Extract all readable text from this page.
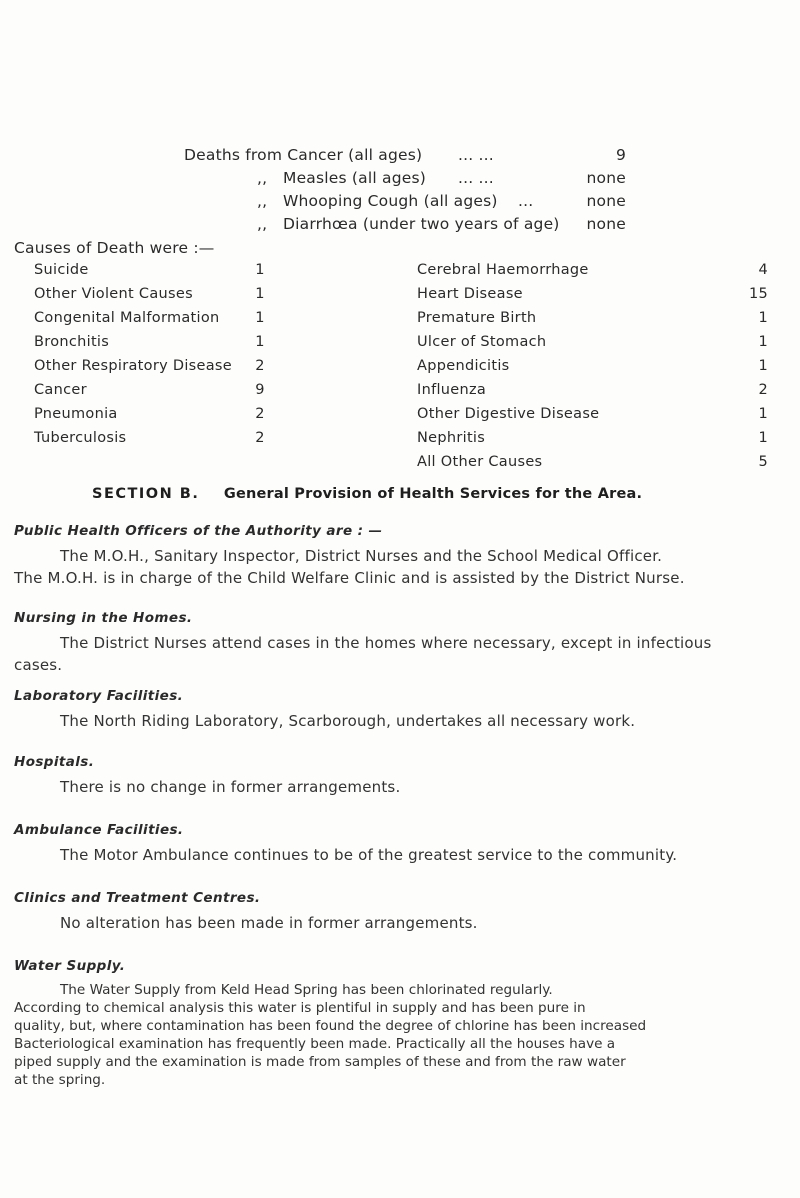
Deaths from Cancer (all ages) ... ...	9
,, Measles (all ages) ... ...	none
,, Whooping Cough (all ages) ...	none
,, Diarrhœa (under two years of age)	none
Causes of Death were :—
Suicide	1
Other Violent Causes	1
Congenital Malformation	1
Bronchitis	1
Other Respiratory Disease	2
Cancer	9
Pneumonia	2
Tuberculosis	2
Cerebral Haemorrhage	4
Heart Disease	15
Premature Birth	1
Ulcer of Stomach	1
Appendicitis	1
Influenza	2
Other Digestive Disease	1
Nephritis	1
All Other Causes	5
SECTION B. General Provision of Health Services for the Area.
Public Health Officers of the Authority are : —
The M.O.H., Sanitary Inspector, District Nurses and the School Medical Officer.
The M.O.H. is in charge of the Child Welfare Clinic and is assisted by the District Nurse.
Nursing in the Homes.
The District Nurses attend cases in the homes where necessary, except in infectious
cases.
Laboratory Facilities.
The North Riding Laboratory, Scarborough, undertakes all necessary work.
Hospitals.
There is no change in former arrangements.
Ambulance Facilities.
The Motor Ambulance continues to be of the greatest service to the community.
Clinics and Treatment Centres.
No alteration has been made in former arrangements.
Water Supply.
The Water Supply from Keld Head Spring has been chlorinated regularly.
According to chemical analysis this water is plentiful in supply and has been pure in
quality, but, where contamination has been found the degree of chlorine has been increased
Bacteriological examination has frequently been made. Practically all the houses have a
piped supply and the examination is made from samples of these and from the raw water
at the spring.
